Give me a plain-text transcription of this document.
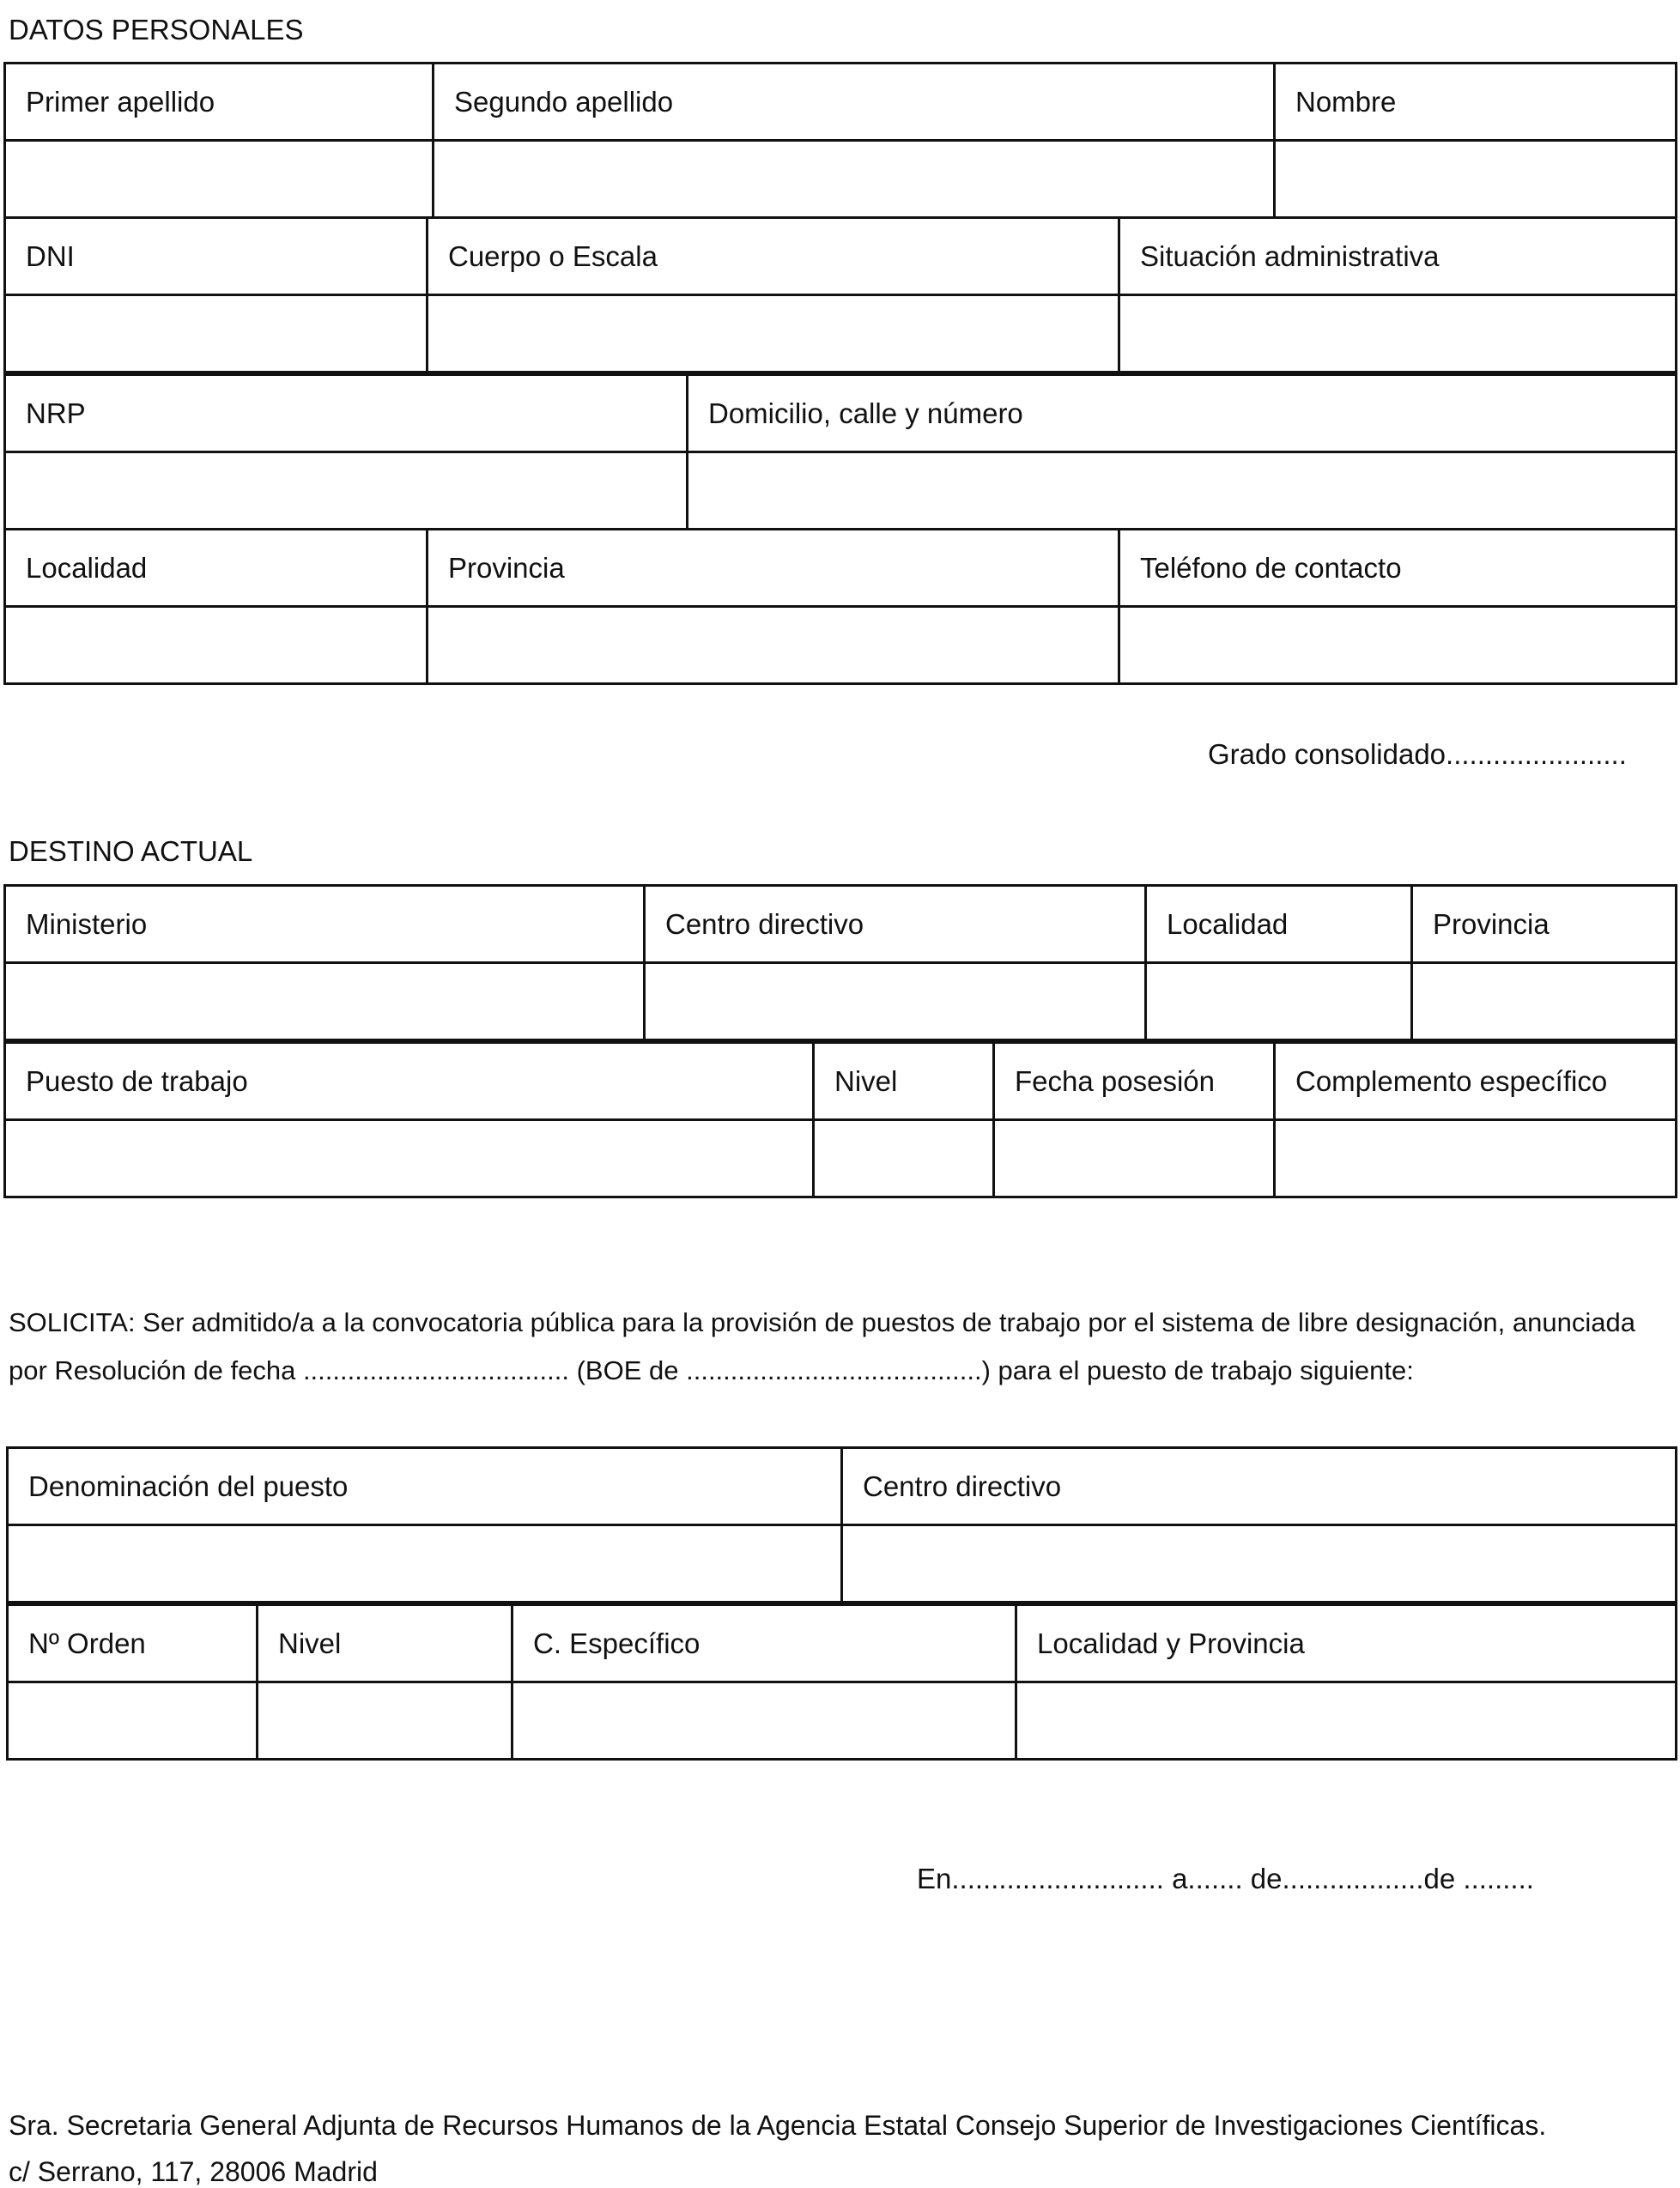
DATOS PERSONALES
Primer apellido	Segundo apellido	Nombre

DNI	Cuerpo o Escala	Situación administrativa

NRP	Domicilio, calle y número

Localidad	Provincia	Teléfono de contacto

Grado consolidado.......................
DESTINO ACTUAL
Ministerio	Centro directivo	Localidad	Provincia

Puesto de trabajo	Nivel	Fecha posesión	Complemento específico

SOLICITA: Ser admitido/a a la convocatoria pública para la provisión de puestos de trabajo por el sistema de libre designación, anunciada
por Resolución de fecha .................................... (BOE de ........................................) para el puesto de trabajo siguiente:
Denominación del puesto	Centro directivo

Nº Orden	Nivel	C. Específico	Localidad y Provincia

En........................... a....... de..................de .........
Sra. Secretaria General Adjunta de Recursos Humanos de la Agencia Estatal Consejo Superior de Investigaciones Científicas.
c/ Serrano, 117, 28006 Madrid
